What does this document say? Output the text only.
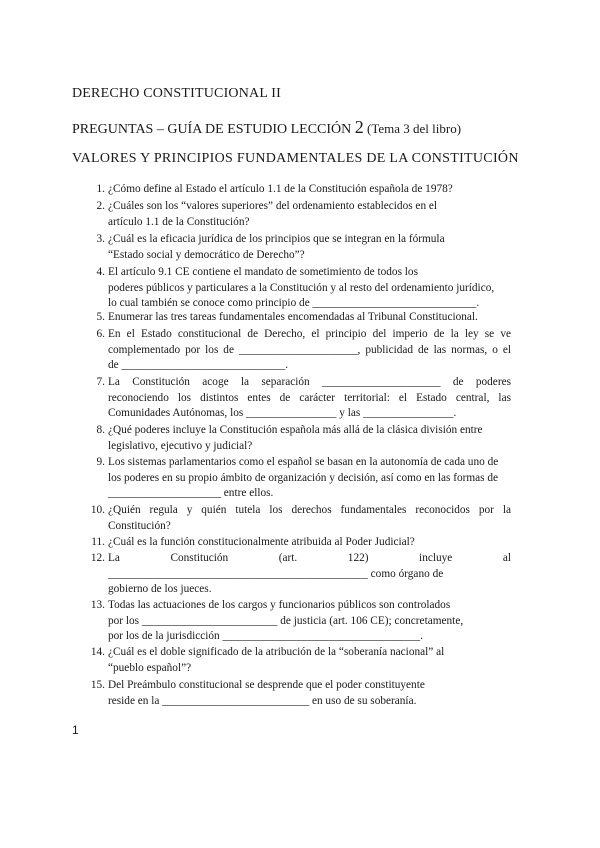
DERECHO CONSTITUCIONAL II
PREGUNTAS – GUÍA DE ESTUDIO LECCIÓN 2 (Tema 3 del libro)
VALORES Y PRINCIPIOS FUNDAMENTALES DE LA CONSTITUCIÓN
1. ¿Cómo define al Estado el artículo 1.1 de la Constitución española de 1978?
2. ¿Cuáles son los “valores superiores” del ordenamiento establecidos en el
artículo 1.1 de la Constitución?
3. ¿Cuál es la eficacia jurídica de los principios que se integran en la fórmula
“Estado social y democrático de Derecho”?
4. El artículo 9.1 CE contiene el mandato de sometimiento de todos los
poderes públicos y particulares a la Constitución y al resto del ordenamiento jurídico,
lo cual también se conoce como principio de _____________________________.
5. Enumerar las tres tareas fundamentales encomendadas al Tribunal Constitucional.
6. En el Estado constitucional de Derecho, el principio del imperio de la ley se ve
complementado por los de _____________________, publicidad de las normas, o el
de _____________________________.
7. La Constitución acoge la separación _____________________ de poderes
reconociendo los distintos entes de carácter territorial: el Estado central, las
Comunidades Autónomas, los ________________ y las ________________.
8. ¿Qué poderes incluye la Constitución española más allá de la clásica división entre
legislativo, ejecutivo y judicial?
9. Los sistemas parlamentarios como el español se basan en la autonomía de cada uno de
los poderes en su propio ámbito de organización y decisión, así como en las formas de
____________________ entre ellos.
10. ¿Quién regula y quién tutela los derechos fundamentales reconocidos por la
Constitución?
11. ¿Cuál es la función constitucionalmente atribuida al Poder Judicial?
12. La Constitución (art. 122) incluye al
______________________________________________ como órgano de
gobierno de los jueces.
13. Todas las actuaciones de los cargos y funcionarios públicos son controlados
por los ________________________ de justicia (art. 106 CE); concretamente,
por los de la jurisdicción ___________________________________.
14. ¿Cuál es el doble significado de la atribución de la “soberanía nacional” al
“pueblo español”?
15. Del Preámbulo constitucional se desprende que el poder constituyente
reside en la __________________________ en uso de su soberanía.
1
